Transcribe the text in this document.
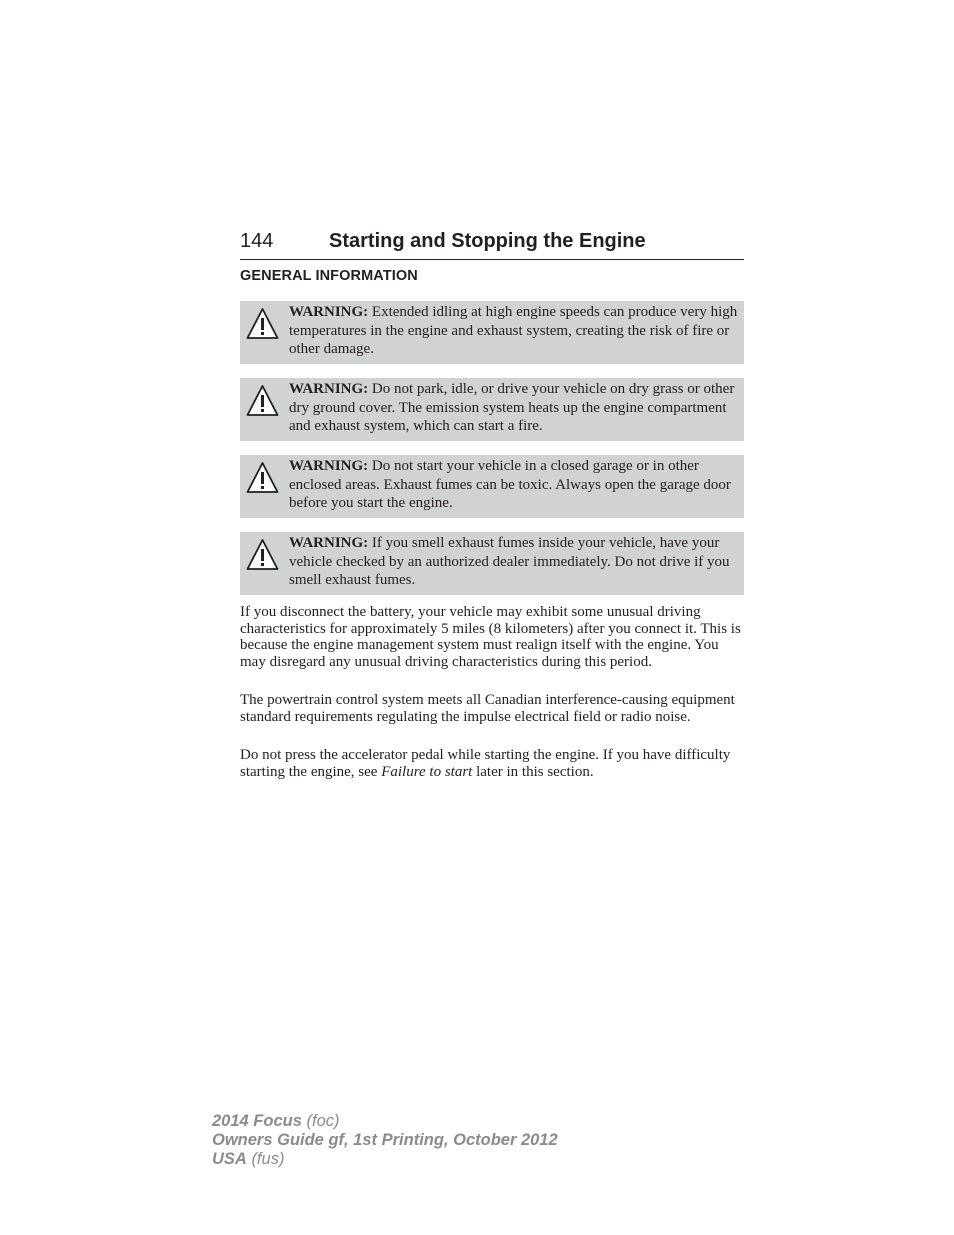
144	Starting and Stopping the Engine
GENERAL INFORMATION
WARNING: Extended idling at high engine speeds can produce very high temperatures in the engine and exhaust system, creating the risk of fire or other damage.
WARNING: Do not park, idle, or drive your vehicle on dry grass or other dry ground cover. The emission system heats up the engine compartment and exhaust system, which can start a fire.
WARNING: Do not start your vehicle in a closed garage or in other enclosed areas. Exhaust fumes can be toxic. Always open the garage door before you start the engine.
WARNING: If you smell exhaust fumes inside your vehicle, have your vehicle checked by an authorized dealer immediately. Do not drive if you smell exhaust fumes.

If you disconnect the battery, your vehicle may exhibit some unusual driving characteristics for approximately 5 miles (8 kilometers) after you connect it. This is because the engine management system must realign itself with the engine. You may disregard any unusual driving characteristics during this period.

The powertrain control system meets all Canadian interference-causing equipment standard requirements regulating the impulse electrical field or radio noise.

Do not press the accelerator pedal while starting the engine. If you have difficulty starting the engine, see Failure to start later in this section.

2014 Focus (foc)
Owners Guide gf, 1st Printing, October 2012
USA (fus)
